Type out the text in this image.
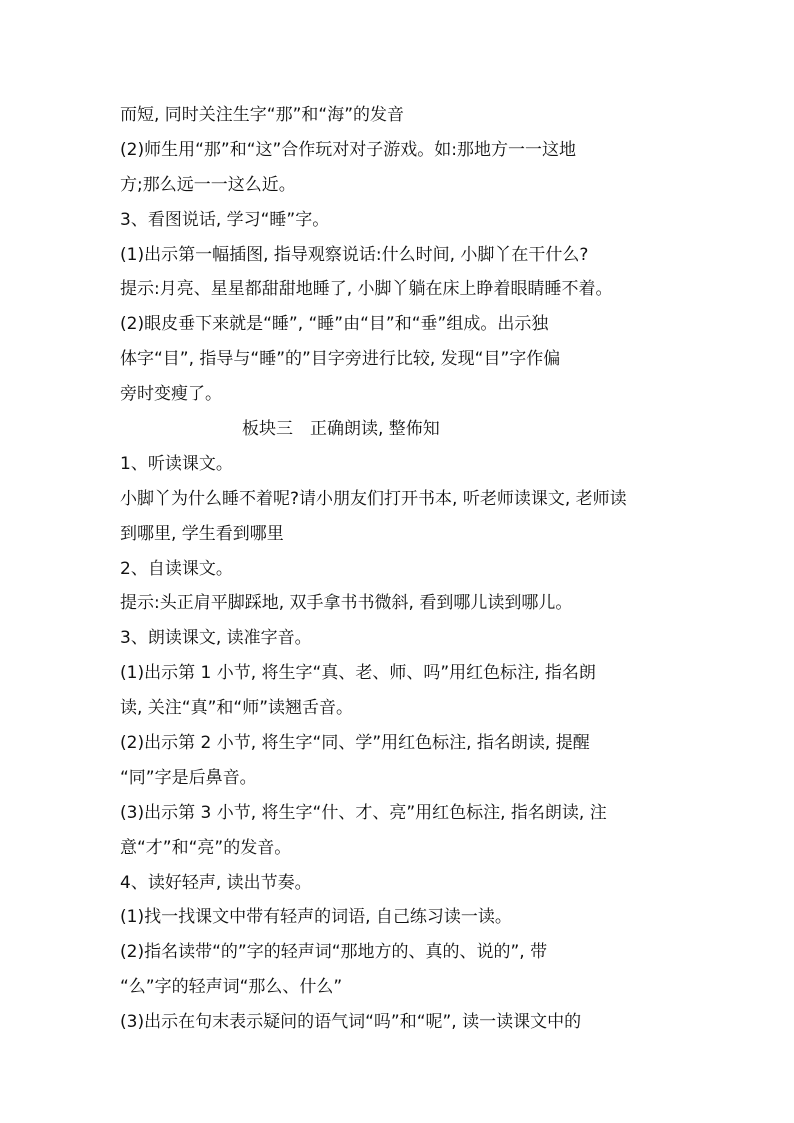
而短, 同时关注生字“那”和“海”的发音
(2)师生用“那”和“这”合作玩对对子游戏。如:那地方一一这地
方;那么远一一这么近。
3、看图说话, 学习“睡”字。
(1)出示第一幅插图, 指导观察说话:什么时间, 小脚丫在干什么?
提示:月亮、星星都甜甜地睡了, 小脚丫躺在床上睁着眼睛睡不着。
(2)眼皮垂下来就是“睡”, “睡”由“目”和“垂”组成。出示独
体字“目”, 指导与“睡”的”目字旁进行比较, 发现“目”字作偏
旁时变瘦了。
板块三　正确朗读, 整佈知
1、听读课文。
小脚丫为什么睡不着呢?请小朋友们打开书本, 听老师读课文, 老师读
到哪里, 学生看到哪里
2、自读课文。
提示:头正肩平脚踩地, 双手拿书书微斜, 看到哪儿读到哪儿。
3、朗读课文, 读准字音。
(1)出示第 1 小节, 将生字“真、老、师、吗”用红色标注, 指名朗
读, 关注“真”和“师”读翘舌音。
(2)出示第 2 小节, 将生字“同、学”用红色标注, 指名朗读, 提醒
“同”字是后鼻音。
(3)出示第 3 小节, 将生字“什、才、亮”用红色标注, 指名朗读, 注
意“才”和“亮”的发音。
4、读好轻声, 读出节奏。
(1)找一找课文中带有轻声的词语, 自己练习读一读。
(2)指名读带“的”字的轻声词“那地方的、真的、说的”, 带
“么”字的轻声词“那么、什么”
(3)出示在句末表示疑问的语气词“吗”和“呢”, 读一读课文中的
